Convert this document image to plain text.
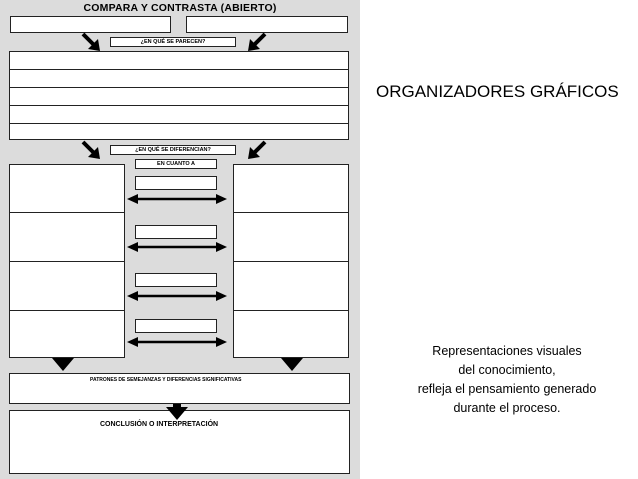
COMPARA Y CONTRASTA (ABIERTO)
¿EN QUÉ SE PARECEN?
¿EN QUÉ SE DIFERENCIAN?
EN CUANTO A
PATRONES DE SEMEJANZAS Y DIFERENCIAS SIGNIFICATIVAS
CONCLUSIÓN O INTERPRETACIÓN
ORGANIZADORES GRÁFICOS
Representaciones visuales
del conocimiento,
refleja el pensamiento generado
durante el proceso.
